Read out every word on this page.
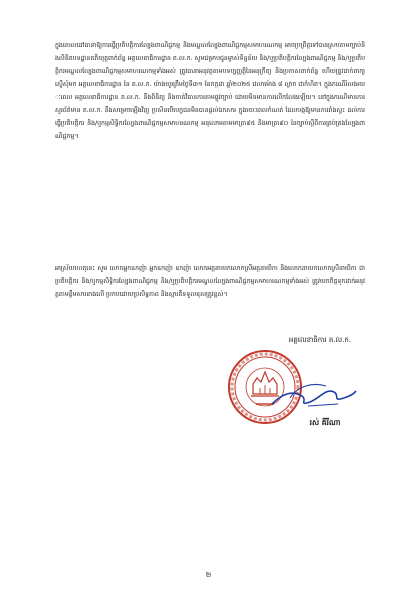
ក្នុងគោលដៅធានាឱ្យការធ្វើប្រតិបត្តិការល្បែងពាណិជ្ជកម្ម និងមណ្ឌលល្បែងពាណិជ្ជកម្មសមាហរណកម្ម អាចប្រព្រឹត្តទៅបានស្របតាមច្បាប់និងលិខិតបទដ្ឋានគតិយុត្តពាក់ព័ន្ធ អគ្គលេខាធិការដ្ឋាន គ.ល.ក. សូមជម្រាបជូនម្ចាស់ទិន្នន័យ និង/ឬប្រតិបត្តិករល្បែងពាណិជ្ជកម្ម និង/ឬប្រតិបត្តិករមណ្ឌលល្បែងពាណិជ្ជកម្មសមាហរណកម្មទាំងអស់ ត្រូវធានាអនុវត្តតាមបទប្បញ្ញត្តិនៃអនុក្រឹត្យ និងប្រកាសពាក់ព័ន្ធ ហើយត្រូវដាក់ពាក្យស្នើសុំមក អគ្គលេខាធិការដ្ឋាន នៃ គ.ល.ក. យ៉ាងយូរត្រឹមថ្ងៃទី៣១ ខែកក្កដា ឆ្នាំ២០២៥ វេលាម៉ោង ៨ ល្ងាច ជាកំហិត។ ក្នុងករណីរំលងរយៈពេល អគ្គលេខាធិការដ្ឋាន គ.ល.ក. នឹងពិនិត្យ និងចាត់វិធានការតាមផ្លូវច្បាប់ ដោយមិនមានការលើកលែងឡើយ។ នៅក្នុងករណីមានការសួរព័ត៌មាន គ.ល.ក. នឹងសម្រេចឡើងវិញ ប្រសិនបើបេក្ខជនមិនបានផ្តល់ឯកសារ ក្នុងរយៈពេលកំណត់ ដែលបង្កឱ្យមានការរាំងស្ទះ ដល់ការធ្វើប្រតិបត្តិករ និង/ឬកម្មសិទ្ធិករល្បែងពាណិជ្ជកម្មសមាហរណកម្ម អនុលោមតាមមាត្រា៩៥ និងមាត្រា៩០ នៃច្បាប់ស្តីពីការគ្រប់គ្រងល្បែងពាណិជ្ជកម្ម។

អាស្រ័យហេតុនេះ សូម លោកអ្នកឧកញ៉ា អ្នកឧកញ៉ា ឧកញ៉ា លោកអគ្គនាយកលោកស្រីអគ្គនាយិកា និងលោកនាយកលោកស្រីនាយិកា ជាប្រតិបត្តិករ និង/ឬកម្មសិទ្ធិករល្បែងពាណិជ្ជកម្ម និង/ឬប្រតិបត្តិករមណ្ឌលល្បែងពាណិជ្ជកម្មសមាហរណកម្មទាំងអស់ ត្រូវយកចិត្តទុកដាក់អនុវត្តតាមខ្លឹមសារខាងលើ ប្រកបដោយប្រសិទ្ធភាព និងស្មារតីទទួលខុសត្រូវខ្ពស់។

អគ្គលេខាធិការ គ.ល.ក.
រស់ គីរីណា
២
